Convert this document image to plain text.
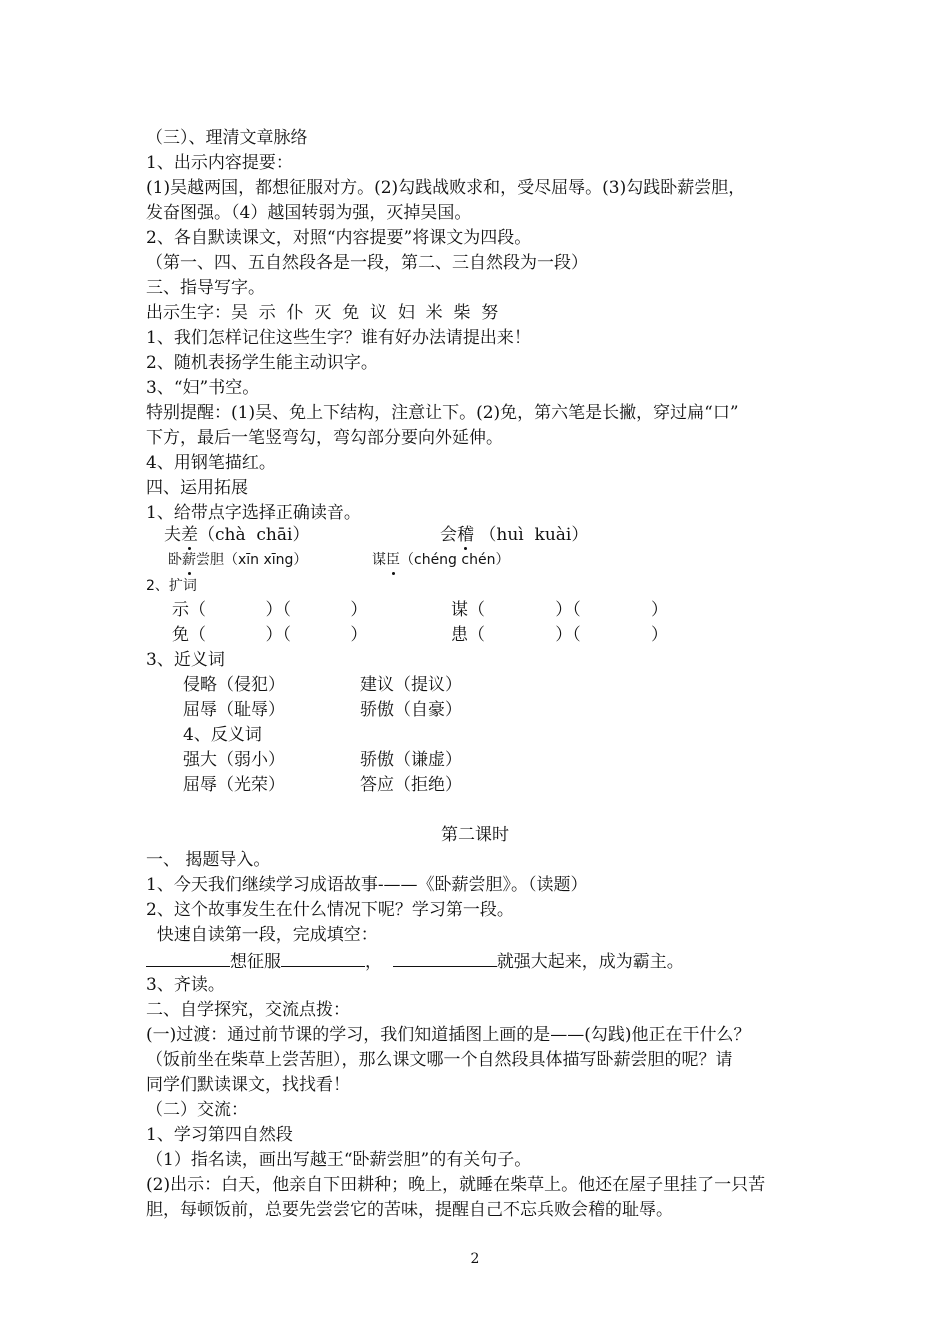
（三）、理清文章脉络
1、出示内容提要：
(1)吴越两国，都想征服对方。(2)勾践战败求和，受尽屈辱。(3)勾践卧薪尝胆，
发奋图强。（4）越国转弱为强，灭掉吴国。
2、各自默读课文，对照“内容提要”将课文为四段。
（第一、四、五自然段各是一段，第二、三自然段为一段）
三、指导写字。
出示生字：吴  示  仆  灭  免  议  妇  米  柴  努
1、我们怎样记住这些生字？谁有好办法请提出来！
2、随机表扬学生能主动识字。
3、“妇”书空。
特别提醒：(1)吴、免上下结构，注意让下。(2)免，第六笔是长撇，穿过扁“口”
下方，最后一笔竖弯勾，弯勾部分要向外延伸。
4、用钢笔描红。
四、运用拓展
1、给带点字选择正确读音。
夫差（chà  chāi）	会稽 （huì  kuài）
卧薪尝胆（xīn xīng）	谋臣（chéng chén）
2、扩词
示（           ）（           ）	谋（             ）（             ）
免（           ）（           ）	患（             ）（             ）
3、近义词
侵略（侵犯）	建议（提议）
屈辱（耻辱）	骄傲（自豪）
4、反义词
强大（弱小）	骄傲（谦虚）
屈辱（光荣）	答应（拒绝）
第二课时
一、 揭题导入。
1、今天我们继续学习成语故事-——《卧薪尝胆》。（读题）
2、这个故事发生在什么情况下呢？学习第一段。
快速自读第一段，完成填空：
想征服	，	就强大起来，成为霸主。
3、齐读。
二、自学探究，交流点拨：
(一)过渡：通过前节课的学习，我们知道插图上画的是——(勾践)他正在干什么？
（饭前坐在柴草上尝苦胆），那么课文哪一个自然段具体描写卧薪尝胆的呢？请
同学们默读课文，找找看！
（二）交流：
1、学习第四自然段
（1）指名读，画出写越王“卧薪尝胆”的有关句子。
(2)出示：白天，他亲自下田耕种；晚上，就睡在柴草上。他还在屋子里挂了一只苦
胆，每顿饭前，总要先尝尝它的苦味，提醒自己不忘兵败会稽的耻辱。
2
